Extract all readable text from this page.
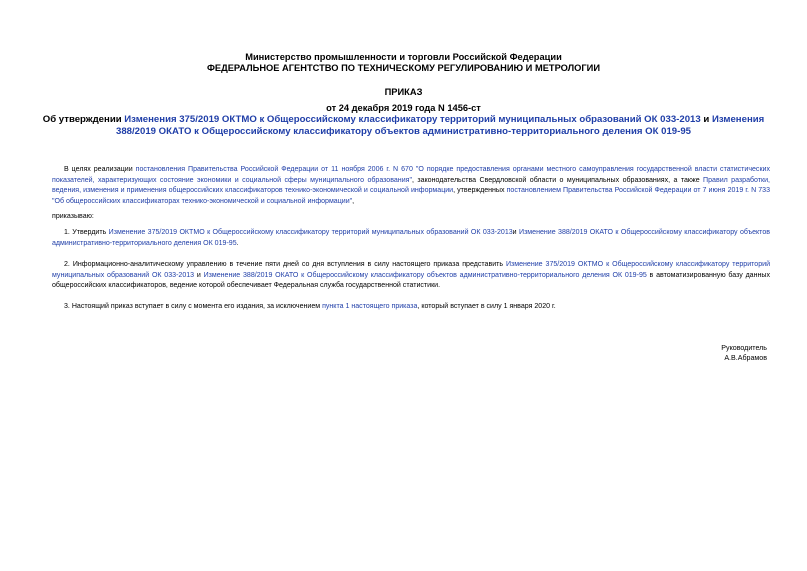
Министерство промышленности и торговли Российской Федерации
ФЕДЕРАЛЬНОЕ АГЕНТСТВО ПО ТЕХНИЧЕСКОМУ РЕГУЛИРОВАНИЮ И МЕТРОЛОГИИ
ПРИКАЗ
от 24 декабря 2019 года N 1456-ст
Об утверждении Изменения 375/2019 ОКТМО к Общероссийскому классификатору территорий муниципальных образований ОК 033-2013 и Изменения 388/2019 ОКАТО к Общероссийскому классификатору объектов административно-территориального деления ОК 019-95
В целях реализации постановления Правительства Российской Федерации от 11 ноября 2006 г. N 670 "О порядке предоставления органами местного самоуправления государственной власти статистических показателей, характеризующих состояние экономики и социальной сферы муниципального образования", законодательства Свердловской области о муниципальных образованиях, а также Правил разработки, ведения, изменения и применения общероссийских классификаторов технико-экономической и социальной информации, утвержденных постановлением Правительства Российской Федерации от 7 июня 2019 г. N 733 "Об общероссийских классификаторах технико-экономической и социальной информации",
приказываю:
1. Утвердить Изменение 375/2019 ОКТМО к Общероссийскому классификатору территорий муниципальных образований ОК 033-2013и Изменение 388/2019 ОКАТО к Общероссийскому классификатору объектов административно-территориального деления ОК 019-95.
2. Информационно-аналитическому управлению в течение пяти дней со дня вступления в силу настоящего приказа представить Изменение 375/2019 ОКТМО к Общероссийскому классификатору территорий муниципальных образований ОК 033-2013 и Изменение 388/2019 ОКАТО к Общероссийскому классификатору объектов административно-территориального деления ОК 019-95 в автоматизированную базу данных общероссийских классификаторов, ведение которой обеспечивает Федеральная служба государственной статистики.
3. Настоящий приказ вступает в силу с момента его издания, за исключением пункта 1 настоящего приказа, который вступает в силу 1 января 2020 г.
Руководитель
А.В.Абрамов
